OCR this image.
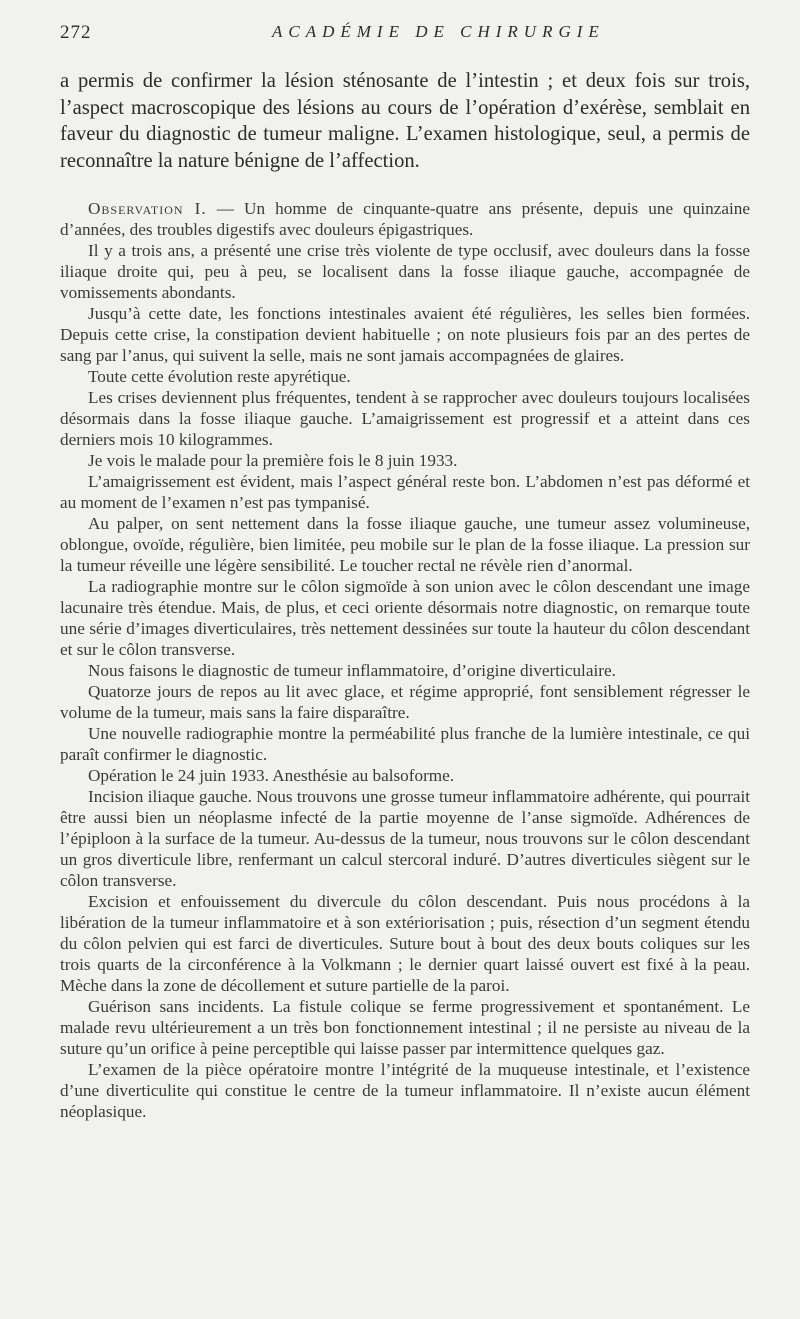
272	ACADÉMIE DE CHIRURGIE

a permis de confirmer la lésion sténosante de l’intestin ; et deux fois sur trois, l’aspect macroscopique des lésions au cours de l’opération d’exérèse, semblait en faveur du diagnostic de tumeur maligne. L’examen histologique, seul, a permis de reconnaître la nature bénigne de l’affection.

Observation I. — Un homme de cinquante-quatre ans présente, depuis une quinzaine d’années, des troubles digestifs avec douleurs épigastriques.

Il y a trois ans, a présenté une crise très violente de type occlusif, avec douleurs dans la fosse iliaque droite qui, peu à peu, se localisent dans la fosse iliaque gauche, accompagnée de vomissements abondants.

Jusqu’à cette date, les fonctions intestinales avaient été régulières, les selles bien formées. Depuis cette crise, la constipation devient habituelle ; on note plusieurs fois par an des pertes de sang par l’anus, qui suivent la selle, mais ne sont jamais accompagnées de glaires.

Toute cette évolution reste apyrétique.

Les crises deviennent plus fréquentes, tendent à se rapprocher avec douleurs toujours localisées désormais dans la fosse iliaque gauche. L’amaigrissement est progressif et a atteint dans ces derniers mois 10 kilogrammes.

Je vois le malade pour la première fois le 8 juin 1933.

L’amaigrissement est évident, mais l’aspect général reste bon. L’abdomen n’est pas déformé et au moment de l’examen n’est pas tympanisé.

Au palper, on sent nettement dans la fosse iliaque gauche, une tumeur assez volumineuse, oblongue, ovoïde, régulière, bien limitée, peu mobile sur le plan de la fosse iliaque. La pression sur la tumeur réveille une légère sensibilité. Le toucher rectal ne révèle rien d’anormal.

La radiographie montre sur le côlon sigmoïde à son union avec le côlon descendant une image lacunaire très étendue. Mais, de plus, et ceci oriente désormais notre diagnostic, on remarque toute une série d’images diverticulaires, très nettement dessinées sur toute la hauteur du côlon descendant et sur le côlon transverse.

Nous faisons le diagnostic de tumeur inflammatoire, d’origine diverticulaire.

Quatorze jours de repos au lit avec glace, et régime approprié, font sensiblement régresser le volume de la tumeur, mais sans la faire disparaître.

Une nouvelle radiographie montre la perméabilité plus franche de la lumière intestinale, ce qui paraît confirmer le diagnostic.

Opération le 24 juin 1933. Anesthésie au balsoforme.

Incision iliaque gauche. Nous trouvons une grosse tumeur inflammatoire adhérente, qui pourrait être aussi bien un néoplasme infecté de la partie moyenne de l’anse sigmoïde. Adhérences de l’épiploon à la surface de la tumeur. Au-dessus de la tumeur, nous trouvons sur le côlon descendant un gros diverticule libre, renfermant un calcul stercoral induré. D’autres diverticules siègent sur le côlon transverse.

Excision et enfouissement du divercule du côlon descendant. Puis nous procédons à la libération de la tumeur inflammatoire et à son extériorisation ; puis, résection d’un segment étendu du côlon pelvien qui est farci de diverticules. Suture bout à bout des deux bouts coliques sur les trois quarts de la circonférence à la Volkmann ; le dernier quart laissé ouvert est fixé à la peau. Mèche dans la zone de décollement et suture partielle de la paroi.

Guérison sans incidents. La fistule colique se ferme progressivement et spontanément. Le malade revu ultérieurement a un très bon fonctionnement intestinal ; il ne persiste au niveau de la suture qu’un orifice à peine perceptible qui laisse passer par intermittence quelques gaz.

L’examen de la pièce opératoire montre l’intégrité de la muqueuse intestinale, et l’existence d’une diverticulite qui constitue le centre de la tumeur inflammatoire. Il n’existe aucun élément néoplasique.
